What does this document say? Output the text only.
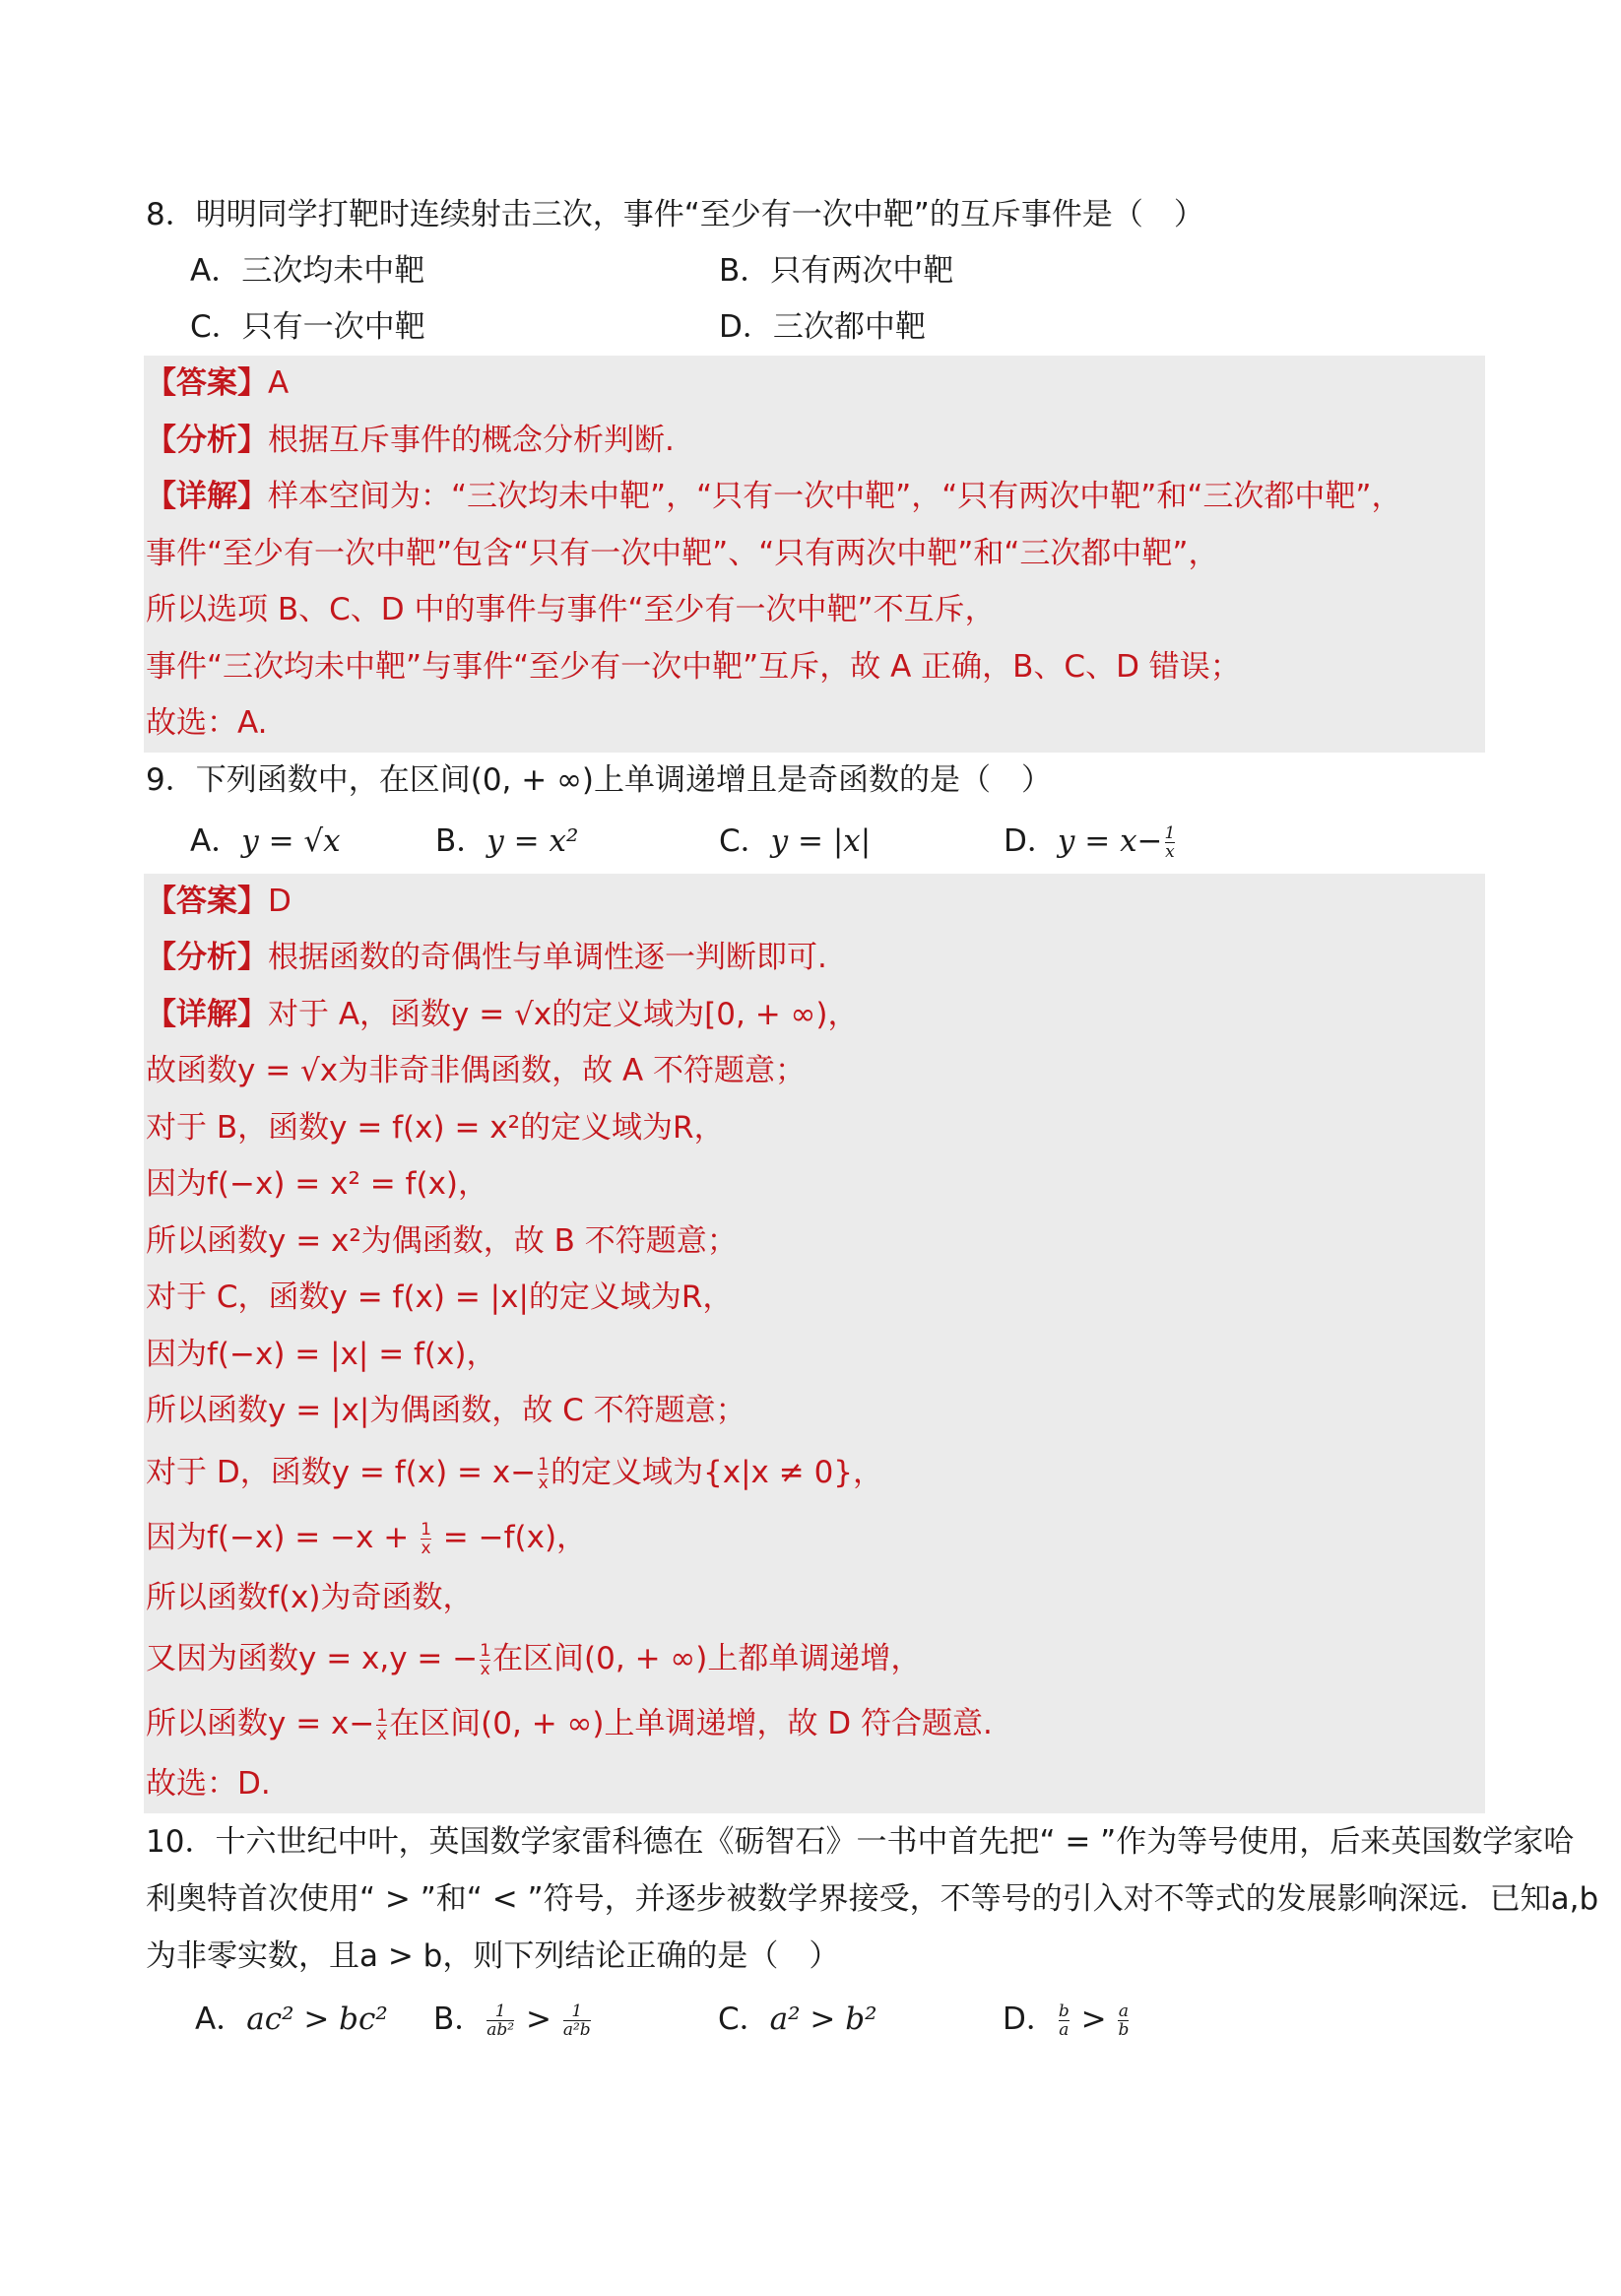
8．明明同学打靶时连续射击三次，事件“至少有一次中靶”的互斥事件是（　）
A．三次均未中靶	B．只有两次中靶
C．只有一次中靶	D．三次都中靶
【答案】A
【分析】根据互斥事件的概念分析判断.
【详解】样本空间为：“三次均未中靶”，“只有一次中靶”，“只有两次中靶”和“三次都中靶”，
事件“至少有一次中靶”包含“只有一次中靶”、“只有两次中靶”和“三次都中靶”，
所以选项 B、C、D 中的事件与事件“至少有一次中靶”不互斥，
事件“三次均未中靶”与事件“至少有一次中靶”互斥，故 A 正确，B、C、D 错误；
故选：A.
9．下列函数中，在区间(0, + ∞)上单调递增且是奇函数的是（　）
A．y = √x	B．y = x²	C．y = |x|	D．$y = x- \frac{1}{x}$
【答案】D
【分析】根据函数的奇偶性与单调性逐一判断即可.
【详解】对于 A，函数y = √x的定义域为[0, + ∞)，
故函数y = √x为非奇非偶函数，故 A 不符题意；
对于 B，函数y = f(x) = x²的定义域为R，
因为f(−x) = x² = f(x)，
所以函数y = x²为偶函数，故 B 不符题意；
对于 C，函数y = f(x) = |x|的定义域为R，
因为f(−x) = |x| = f(x)，
所以函数y = |x|为偶函数，故 C 不符题意；
对于 D，函数$y = f(x) = x- \frac{1}{x}$ 的定义域为{x|x ≠ 0}，
因为$f(-x) = -x + \frac{1}{x} = -f(x)$，
所以函数f(x)为奇函数，
又因为函数y = x,y = − $\frac{1}{x}$ 在区间(0, + ∞)上都单调递增，
所以函数$y = x- \frac{1}{x}$ 在区间(0, + ∞)上单调递增，故 D 符合题意.
故选：D.
10．十六世纪中叶，英国数学家雷科德在《砺智石》一书中首先把“ = ”作为等号使用，后来英国数学家哈
利奥特首次使用“ > ”和“ < ”符号，并逐步被数学界接受，不等号的引入对不等式的发展影响深远．已知a,b
为非零实数，且a > b，则下列结论正确的是（　）
A．ac² > bc² B． $\frac{1}{\text{ab²}} > \frac{1}{\text{a²b}}$	C．a² > b²	D． $\frac{b}{a} > \frac{a}{b}$
